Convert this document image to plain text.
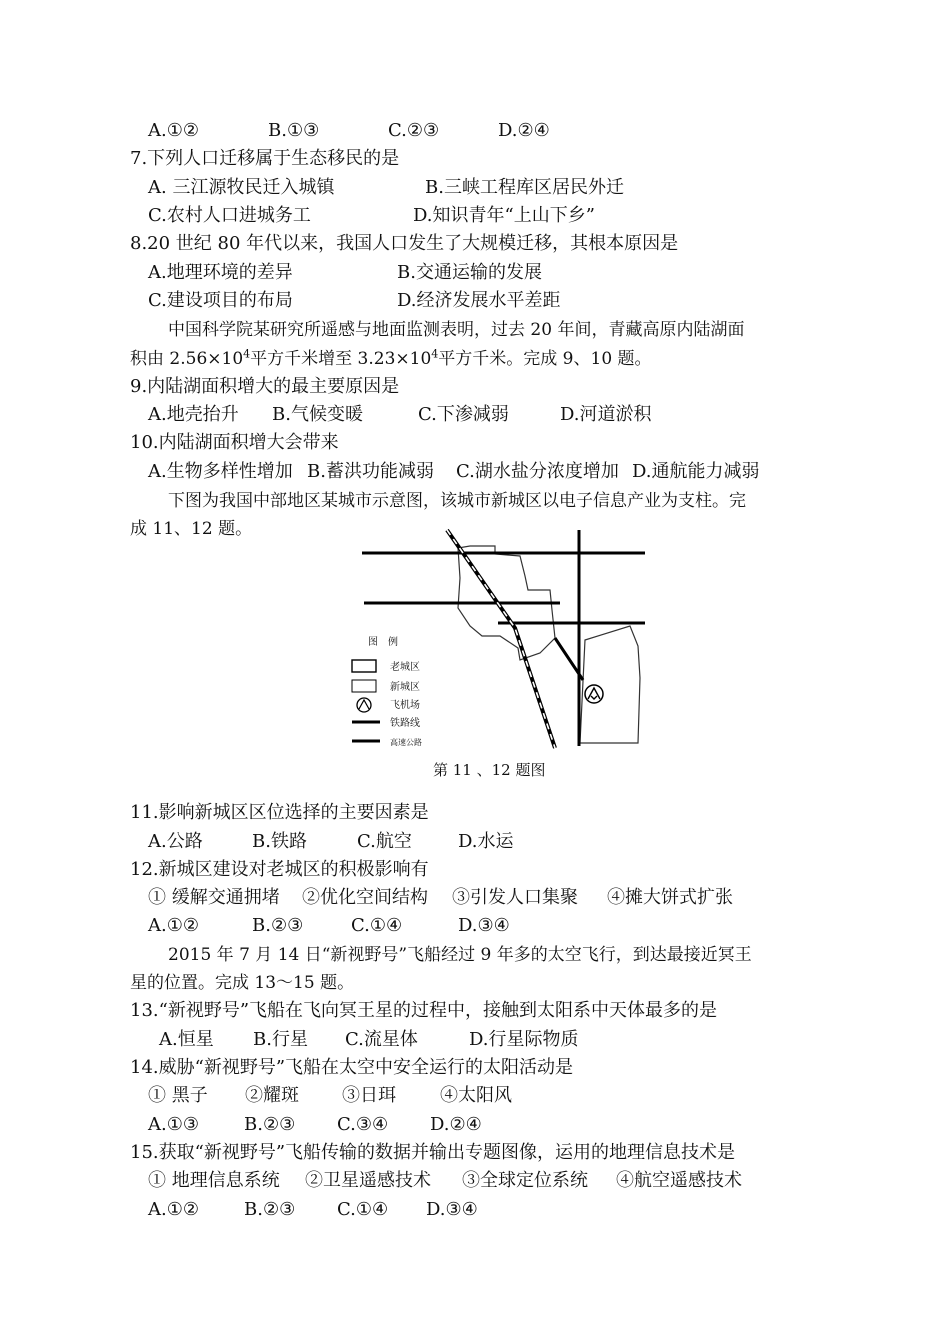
A.①②	B.①③	C.②③	D.②④
7.下列人口迁移属于生态移民的是
A. 三江源牧民迁入城镇	B.三峡工程库区居民外迁
C.农村人口进城务工	D.知识青年“上山下乡”
8.20 世纪 80 年代以来，我国人口发生了大规模迁移，其根本原因是
A.地理环境的差异	B.交通运输的发展
C.建设项目的布局	D.经济发展水平差距
中国科学院某研究所遥感与地面监测表明，过去 20 年间，青藏高原内陆湖面
积由 $2.56\times 10^4$平方千米增至 $3.23\times 10^4$平方千米。完成 9、10 题。
9.内陆湖面积增大的最主要原因是
A.地壳抬升 B.气候变暖	C.下渗减弱	D.河道淤积
10.内陆湖面积增大会带来
A.生物多样性增加 B.蓄洪功能减弱 C.湖水盐分浓度增加 D.通航能力减弱
下图为我国中部地区某城市示意图，该城市新城区以电子信息产业为支柱。完
成 11、12 题。
图　例
老城区
新城区
飞机场
铁路线
高速公路
第 11 、12 题图
11.影响新城区区位选择的主要因素是
A.公路	B.铁路	C.航空	D.水运
12.新城区建设对老城区的积极影响有
① 缓解交通拥堵 ②优化空间结构 ③引发人口集聚 ④摊大饼式扩张
A.①②	B.②③	C.①④	D.③④
2015 年 7 月 14 日“新视野号”飞船经过 9 年多的太空飞行，到达最接近冥王
星的位置。完成 13～15 题。
13.“新视野号”飞船在飞向冥王星的过程中，接触到太阳系中天体最多的是
A.恒星 B.行星 C.流星体	D.行星际物质
14.威胁“新视野号”飞船在太空中安全运行的太阳活动是
① 黑子 ②耀斑 ③日珥 ④太阳风
A.①③	B.②③ C.③④ D.②④
15.获取“新视野号”飞船传输的数据并输出专题图像，运用的地理信息技术是
① 地理信息系统 ②卫星遥感技术 ③全球定位系统 ④航空遥感技术
A.①②	B.②③ C.①④ D.③④
